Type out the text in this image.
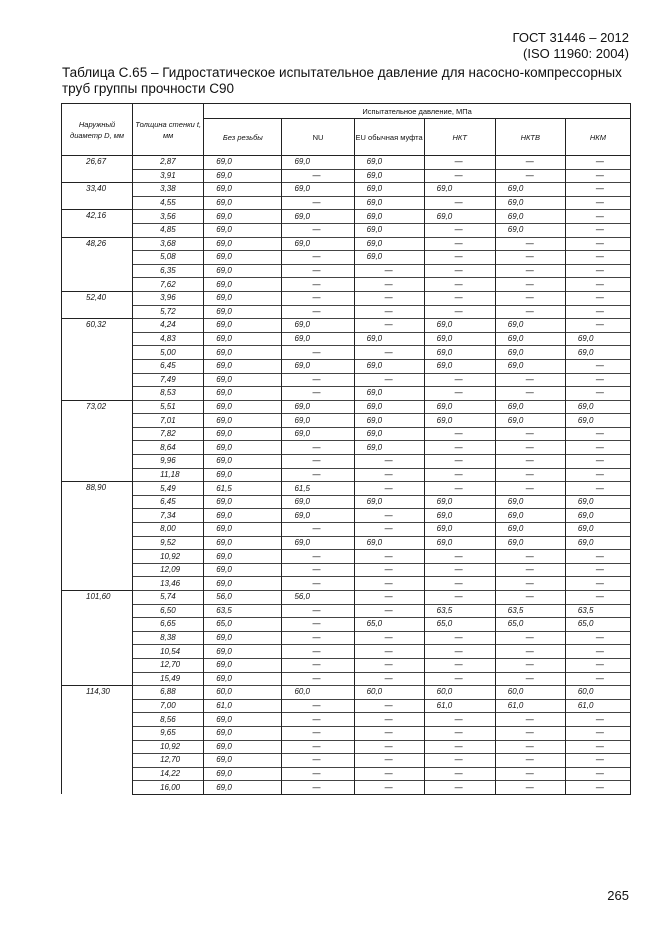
ГОСТ 31446 – 2012
(ISO 11960: 2004)
Таблица С.65 – Гидростатическое испытательное давление для насосно-компрессорных труб группы прочности С90
Наружный диаметр D, мм	Толщина стенки t, мм	Испытательное давление, МПа					
		Без резьбы	NU	EU обычная муфта	НКТ	НКТВ	НКМ
26,67	2,87	69,0	69,0	69,0	—	—	—
	3,91	69,0	—	69,0	—	—	—
33,40	3,38	69,0	69,0	69,0	69,0	69,0	—
	4,55	69,0	—	69,0	—	69,0	—
42,16	3,56	69,0	69,0	69,0	69,0	69,0	—
	4,85	69,0	—	69,0	—	69,0	—
48,26	3,68	69,0	69,0	69,0	—	—	—
	5,08	69,0	—	69,0	—	—	—
	6,35	69,0	—	—	—	—	—
	7,62	69,0	—	—	—	—	—
52,40	3,96	69,0	—	—	—	—	—
	5,72	69,0	—	—	—	—	—
60,32	4,24	69,0	69,0	—	69,0	69,0	—
	4,83	69,0	69,0	69,0	69,0	69,0	69,0
	5,00	69,0	—	—	69,0	69,0	69,0
	6,45	69,0	69,0	69,0	69,0	69,0	—
	7,49	69,0	—	—	—	—	—
	8,53	69,0	—	69,0	—	—	—
73,02	5,51	69,0	69,0	69,0	69,0	69,0	69,0
	7,01	69,0	69,0	69,0	69,0	69,0	69,0
	7,82	69,0	69,0	69,0	—	—	—
	8,64	69,0	—	69,0	—	—	—
	9,96	69,0	—	—	—	—	—
	11,18	69,0	—	—	—	—	—
88,90	5,49	61,5	61,5	—	—	—	—
	6,45	69,0	69,0	69,0	69,0	69,0	69,0
	7,34	69,0	69,0	—	69,0	69,0	69,0
	8,00	69,0	—	—	69,0	69,0	69,0
	9,52	69,0	69,0	69,0	69,0	69,0	69,0
	10,92	69,0	—	—	—	—	—
	12,09	69,0	—	—	—	—	—
	13,46	69,0	—	—	—	—	—
101,60	5,74	56,0	56,0	—	—	—	—
	6,50	63,5	—	—	63,5	63,5	63,5
	6,65	65,0	—	65,0	65,0	65,0	65,0
	8,38	69,0	—	—	—	—	—
	10,54	69,0	—	—	—	—	—
	12,70	69,0	—	—	—	—	—
	15,49	69,0	—	—	—	—	—
114,30	6,88	60,0	60,0	60,0	60,0	60,0	60,0
	7,00	61,0	—	—	61,0	61,0	61,0
	8,56	69,0	—	—	—	—	—
	9,65	69,0	—	—	—	—	—
	10,92	69,0	—	—	—	—	—
	12,70	69,0	—	—	—	—	—
	14,22	69,0	—	—	—	—	—
	16,00	69,0	—	—	—	—	—
265
